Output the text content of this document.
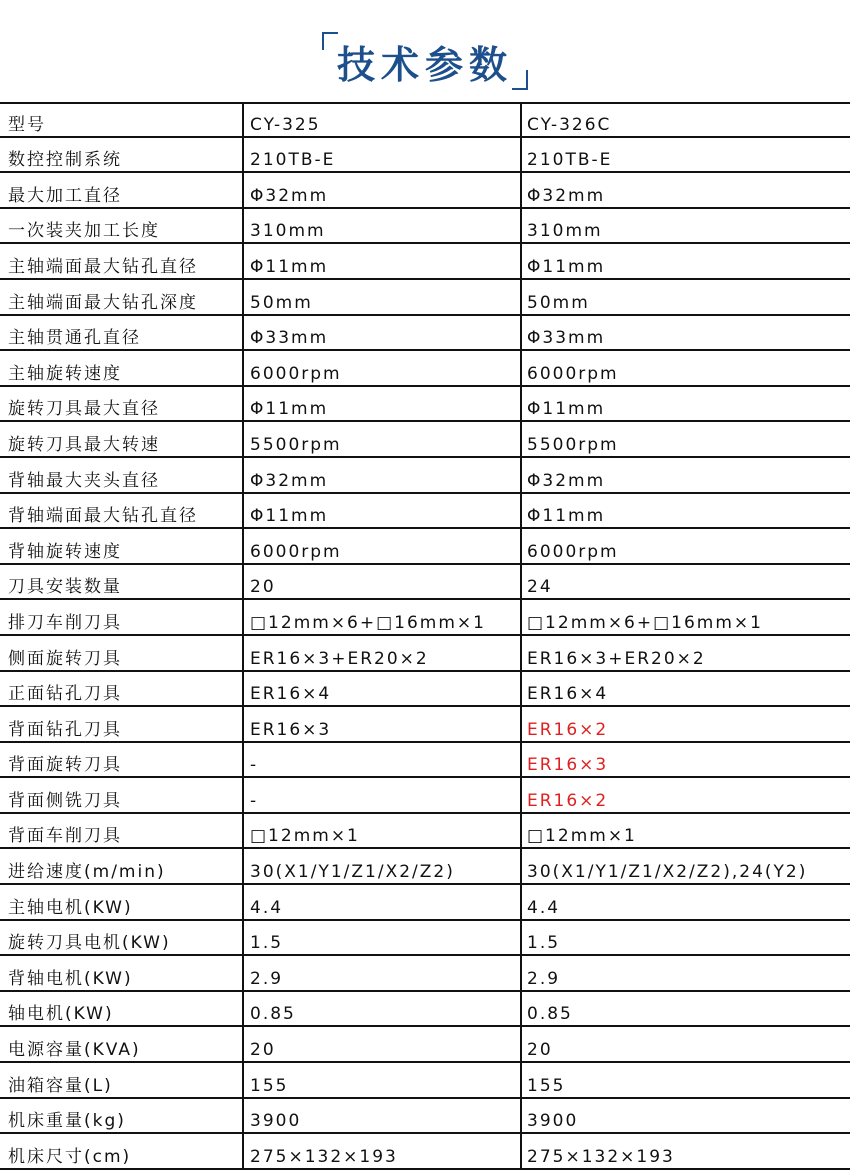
技术参数
型号	CY-325	CY-326C
数控控制系统	210TB-E	210TB-E
最大加工直径	Φ32mm	Φ32mm
一次装夹加工长度	310mm	310mm
主轴端面最大钻孔直径	Φ11mm	Φ11mm
主轴端面最大钻孔深度	50mm	50mm
主轴贯通孔直径	Φ33mm	Φ33mm
主轴旋转速度	6000rpm	6000rpm
旋转刀具最大直径	Φ11mm	Φ11mm
旋转刀具最大转速	5500rpm	5500rpm
背轴最大夹头直径	Φ32mm	Φ32mm
背轴端面最大钻孔直径	Φ11mm	Φ11mm
背轴旋转速度	6000rpm	6000rpm
刀具安装数量	20	24
排刀车削刀具	□12mm×6+□16mm×1 □12mm×6+□16mm×1
侧面旋转刀具	ER16×3+ER20×2	ER16×3+ER20×2
正面钻孔刀具	ER16×4	ER16×4
背面钻孔刀具	ER16×3	ER16×2
背面旋转刀具	-	ER16×3
背面侧铣刀具	-	ER16×2
背面车削刀具	□12mm×1	□12mm×1
进给速度(m/min)	30(X1/Y1/Z1/X2/Z2)	30(X1/Y1/Z1/X2/Z2),24(Y2)
主轴电机(KW)	4.4	4.4
旋转刀具电机(KW)	1.5	1.5
背轴电机(KW)	2.9	2.9
轴电机(KW)	0.85	0.85
电源容量(KVA)	20	20
油箱容量(L)	155	155
机床重量(kg)	3900	3900
机床尺寸(cm)	275×132×193	275×132×193
